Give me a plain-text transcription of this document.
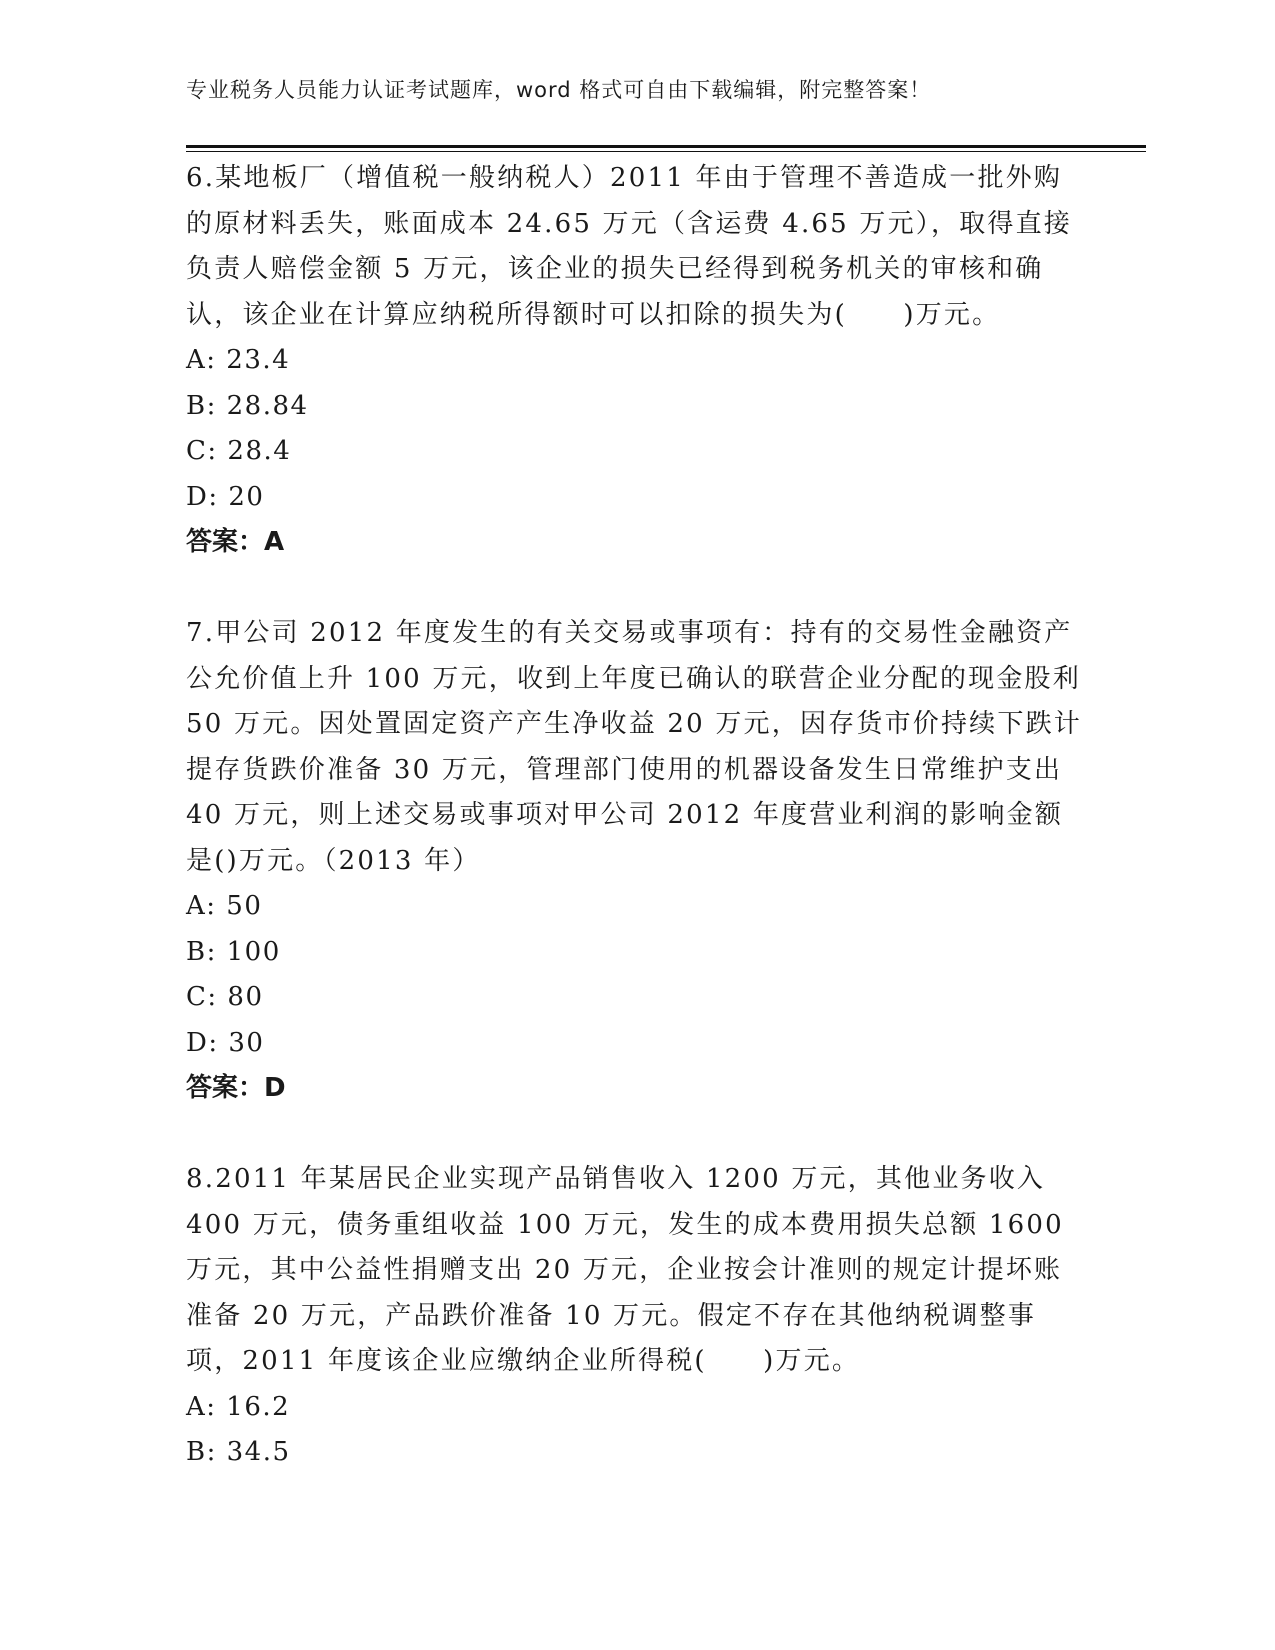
专业税务人员能力认证考试题库，word 格式可自由下载编辑，附完整答案！

6.某地板厂（增值税一般纳税人）2011 年由于管理不善造成一批外购的原材料丢失，账面成本 24.65 万元（含运费 4.65 万元），取得直接负责人赔偿金额 5 万元，该企业的损失已经得到税务机关的审核和确认，该企业在计算应纳税所得额时可以扣除的损失为(　　)万元。

A: 23.4

B: 28.84

C: 28.4

D: 20

答案：A

7.甲公司 2012 年度发生的有关交易或事项有：持有的交易性金融资产公允价值上升 100 万元，收到上年度已确认的联营企业分配的现金股利 50 万元。因处置固定资产产生净收益 20 万元，因存货市价持续下跌计提存货跌价准备 30 万元，管理部门使用的机器设备发生日常维护支出 40 万元，则上述交易或事项对甲公司 2012 年度营业利润的影响金额是()万元。（2013 年）

A: 50

B: 100

C: 80

D: 30

答案：D

8.2011 年某居民企业实现产品销售收入 1200 万元，其他业务收入 400 万元，债务重组收益 100 万元，发生的成本费用损失总额 1600 万元，其中公益性捐赠支出 20 万元，企业按会计准则的规定计提坏账准备 20 万元，产品跌价准备 10 万元。假定不存在其他纳税调整事项，2011 年度该企业应缴纳企业所得税(　　)万元。

A: 16.2

B: 34.5
